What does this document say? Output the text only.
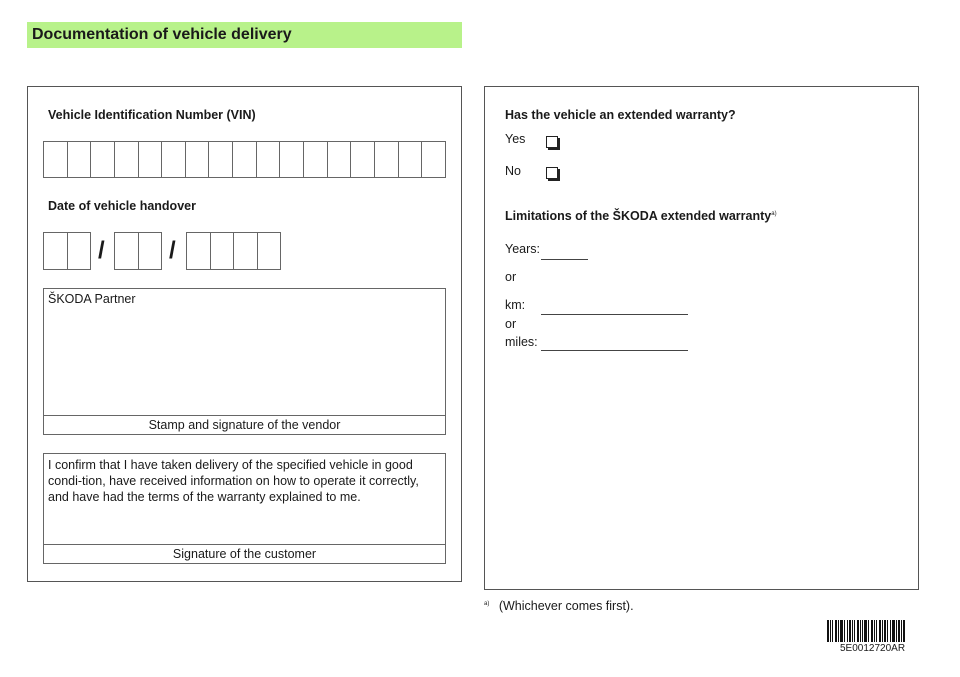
Documentation of vehicle delivery
Vehicle Identification Number (VIN)
Date of vehicle handover
/	/
ŠKODA Partner
Stamp and signature of the vendor
I confirm that I have taken delivery of the specified vehicle in good condi-tion, have received information on how to operate it correctly, and have had the terms of the warranty explained to me.
Signature of the customer
Has the vehicle an extended warranty?
Yes
No
Limitations of the ŠKODA extended warranty$^{a)}$
Years:
or
km:
or
miles:
$^{a)}$ (Whichever comes first).
5E0012720AR
